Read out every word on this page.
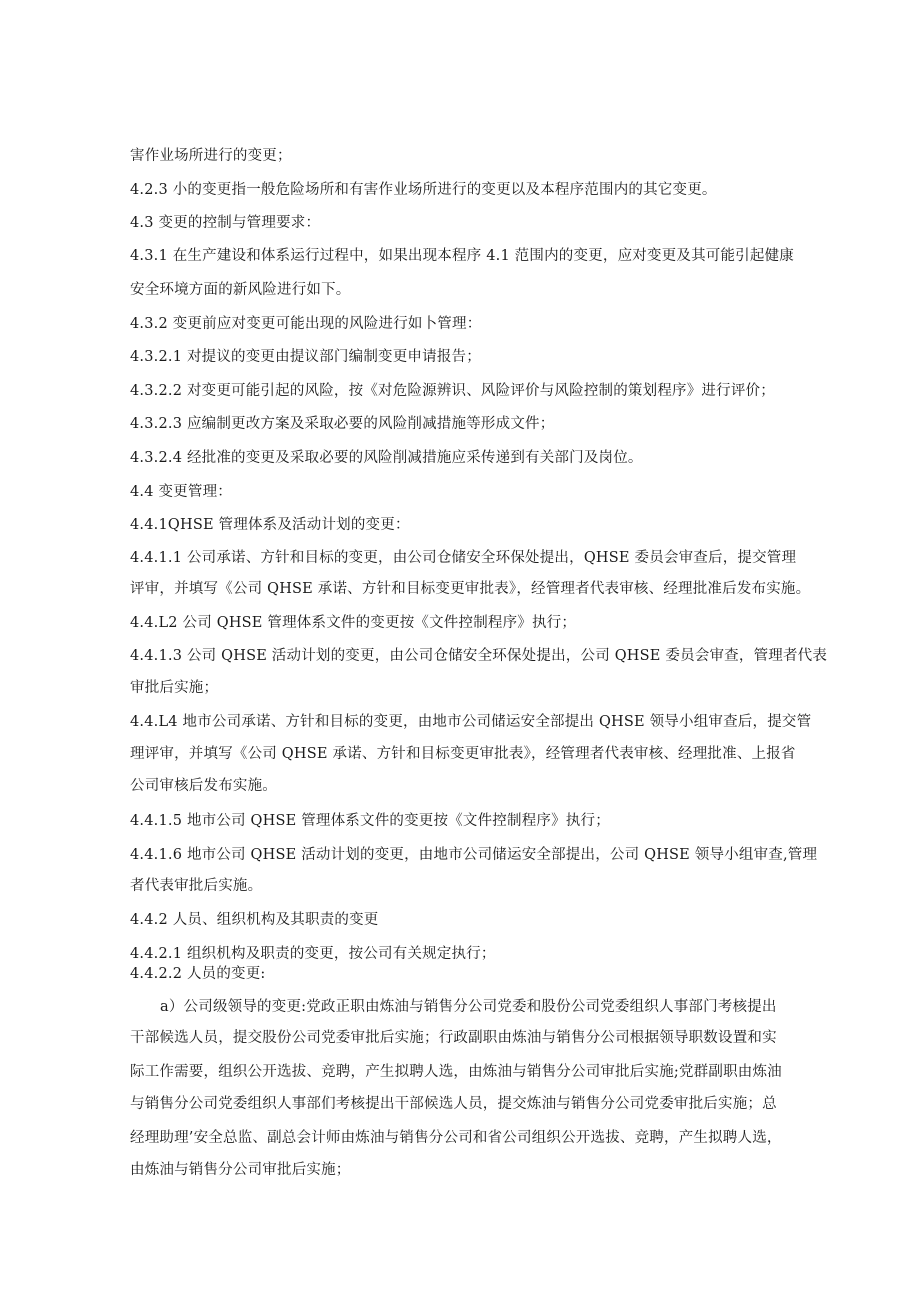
害作业场所进行的变更；
4.2.3 小的变更指一般危险场所和有害作业场所进行的变更以及本程序范围内的其它变更。
4.3 变更的控制与管理要求：
4.3.1 在生产建设和体系运行过程中，如果出现本程序 4.1 范围内的变更，应对变更及其可能引起健康
安全环境方面的新风险进行如下。
4.3.2 变更前应对变更可能出现的风险进行如卜管理：
4.3.2.1 对提议的变更由提议部门编制变更申请报告；
4.3.2.2 对变更可能引起的风险，按《对危险源辨识、风险评价与风险控制的策划程序》进行评价；
4.3.2.3 应编制更改方案及采取必要的风险削减措施等形成文件；
4.3.2.4 经批准的变更及采取必要的风险削减措施应采传递到有关部门及岗位。
4.4 变更管理：
4.4.1QHSE 管理体系及活动计划的变更：
4.4.1.1 公司承诺、方针和目标的变更，由公司仓储安全环保处提出，QHSE 委员会审查后，提交管理
评审，并填写《公司 QHSE 承诺、方针和目标变更审批表》，经管理者代表审核、经理批准后发布实施。
4.4.L2 公司 QHSE 管理体系文件的变更按《文件控制程序》执行；
4.4.1.3 公司 QHSE 活动计划的变更，由公司仓储安全环保处提出，公司 QHSE 委员会审查，管理者代表
审批后实施；
4.4.L4 地市公司承诺、方针和目标的变更，由地市公司储运安全部提出 QHSE 领导小组审查后，提交管
理评审，并填写《公司 QHSE 承诺、方针和目标变更审批表》，经管理者代表审核、经理批准、上报省
公司审核后发布实施。
4.4.1.5 地市公司 QHSE 管理体系文件的变更按《文件控制程序》执行；
4.4.1.6 地市公司 QHSE 活动计划的变更，由地市公司储运安全部提出，公司 QHSE 领导小组审查,管理
者代表审批后实施。
4.4.2 人员、组织机构及其职责的变更
4.4.2.1 组织机构及职责的变更，按公司有关规定执行；
4.4.2.2 人员的变更:
a）公司级领导的变更:党政正职由炼油与销售分公司党委和股份公司党委组织人事部门考核提出
干部候选人员，提交股份公司党委审批后实施；行政副职由炼油与销售分公司根据领导职数设置和实
际工作需要，组织公开选拔、竞聘，产生拟聘人选，由炼油与销售分公司审批后实施;党群副职由炼油
与销售分公司党委组织人事部们考核提出干部候选人员，提交炼油与销售分公司党委审批后实施；总
经理助理’安全总监、副总会计师由炼油与销售分公司和省公司组织公开选拔、竞聘，产生拟聘人选，
由炼油与销售分公司审批后实施；
